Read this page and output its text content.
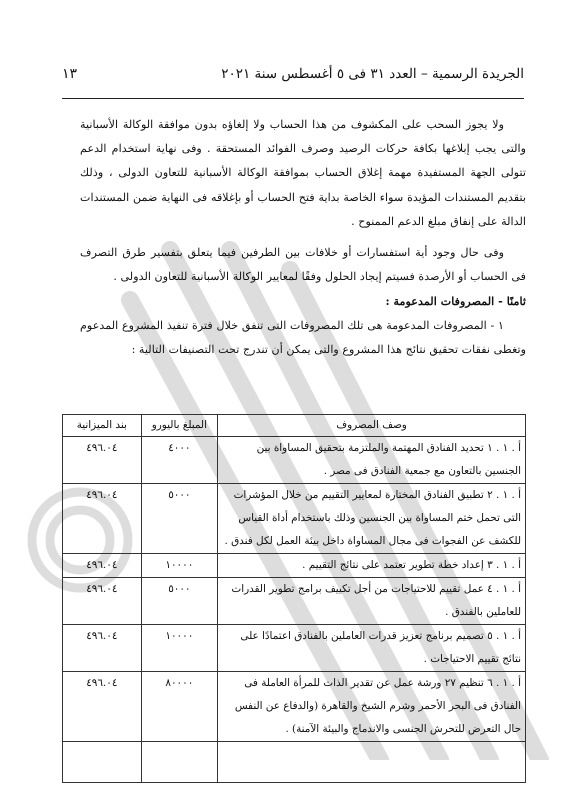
الجريدة الرسمية – العدد ٣١ فى ٥ أغسطس سنة ٢٠٢١
١٣

ولا يجوز السحب على المكشوف من هذا الحساب ولا إلغاؤه بدون موافقة الوكالة الأسبانية والتى يجب إبلاغها بكافة حركات الرصيد وصرف الفوائد المستحقة . وفى نهاية استخدام الدعم تتولى الجهة المستفيدة مهمة إغلاق الحساب بموافقة الوكالة الأسبانية للتعاون الدولى ، وذلك بتقديم المستندات المؤيدة سواء الخاصة بداية فتح الحساب أو بإغلاقه فى النهاية ضمن المستندات الدالة على إنفاق مبلغ الدعم الممنوح .

وفى حال وجود أية استفسارات أو خلافات بين الطرفين فيما يتعلق بتفسير طرق التصرف فى الحساب أو الأرصدة فسيتم إيجاد الحلول وفقًا لمعايير الوكالة الأسبانية للتعاون الدولى .

ثامنًا - المصروفات المدعومة :

١ - المصروفات المدعومة هى تلك المصروفات التى تنفق خلال فترة تنفيذ المشروع المدعوم وتغطى نفقات تحقيق نتائج هذا المشروع والتى يمكن أن تندرج تحت التصنيفات التالية :

وصف المصروف	المبلغ باليورو	بند الميزانية
أ . ١ . ١ تحديد الفنادق المهتمة والملتزمة بتحقيق المساواة بين الجنسين بالتعاون مع جمعية الفنادق فى مصر .	٤٠٠٠	٤٩٦.٠٤
أ . ١ . ٢ تطبيق الفنادق المختارة لمعايير التقييم من خلال المؤشرات التى تحمل ختم المساواة بين الجنسين وذلك باستخدام أداة القياس للكشف عن الفجوات فى مجال المساواة داخل بيئة العمل لكل فندق .	٥٠٠٠	٤٩٦.٠٤
أ . ١ . ٣ إعداد خطة تطوير تعتمد على نتائج التقييم .	١٠٠٠٠	٤٩٦.٠٤
أ . ١ . ٤ عمل تقييم للاحتياجات من أجل تكييف برامج تطوير القدرات للعاملين بالفندق .	٥٠٠٠	٤٩٦.٠٤
أ . ١ . ٥ تصميم برنامج تعزيز قدرات العاملين بالفنادق اعتمادًا على نتائج تقييم الاحتياجات .	١٠٠٠٠	٤٩٦.٠٤
أ . ١ . ٦ تنظيم ٢٧ ورشة عمل عن تقدير الذات للمرأة العاملة فى الفنادق فى البحر الأحمر وشرم الشيخ والقاهرة (والدفاع عن النفس حال التعرض للتحرش الجنسى والاندماج والبيئة الآمنة) .	٨٠٠٠٠	٤٩٦.٠٤
